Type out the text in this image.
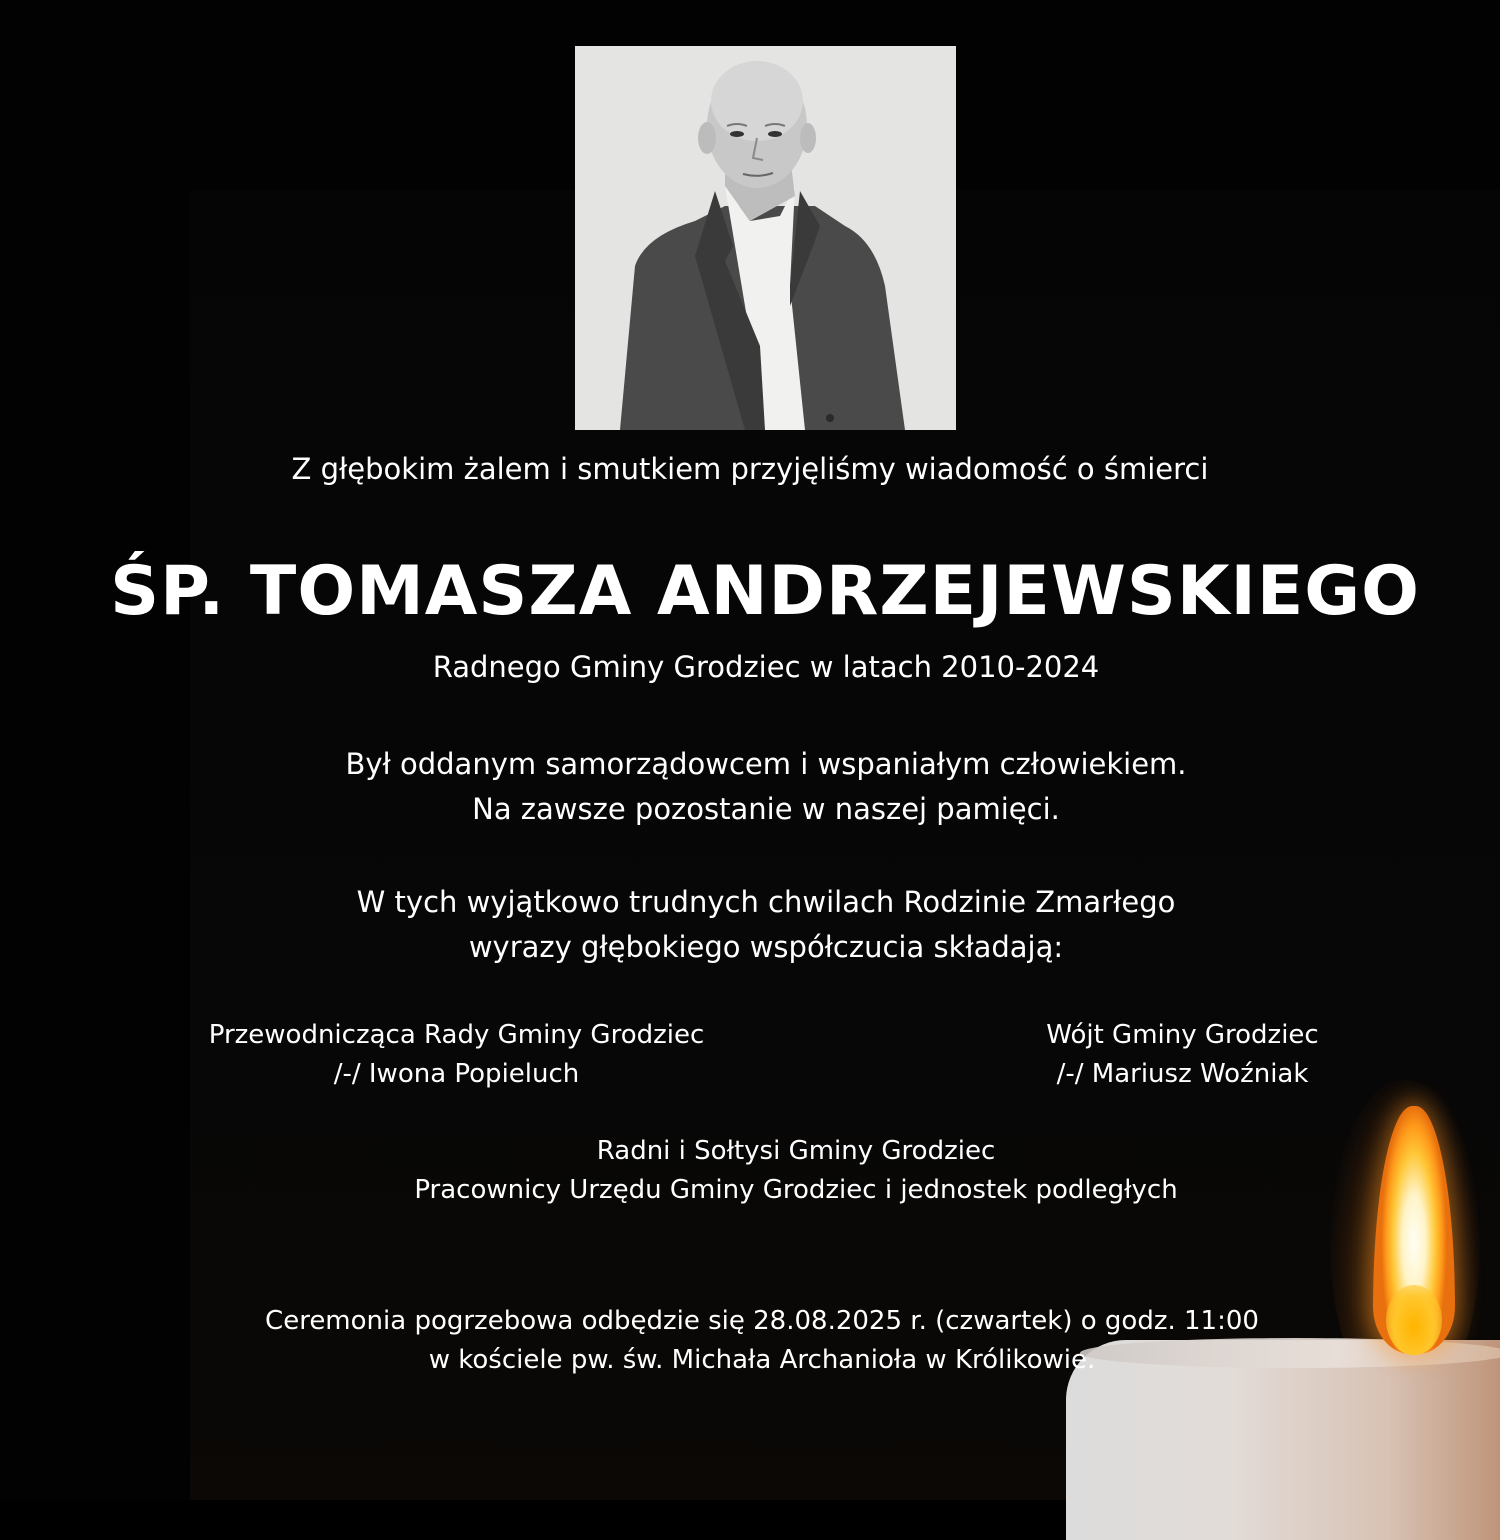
Z głębokim żalem i smutkiem przyjęliśmy wiadomość o śmierci
ŚP. TOMASZA ANDRZEJEWSKIEGO
Radnego Gminy Grodziec w latach 2010-2024
Był oddanym samorządowcem i wspaniałym człowiekiem.
Na zawsze pozostanie w naszej pamięci.
W tych wyjątkowo trudnych chwilach Rodzinie Zmarłego
wyrazy głębokiego współczucia składają:
Przewodnicząca Rady Gminy Grodziec
/-/ Iwona Popieluch
Wójt Gminy Grodziec
/-/ Mariusz Woźniak
Radni i Sołtysi Gminy Grodziec
Pracownicy Urzędu Gminy Grodziec i jednostek podległych
Ceremonia pogrzebowa odbędzie się 28.08.2025 r. (czwartek) o godz. 11:00
w kościele pw. św. Michała Archanioła w Królikowie.
